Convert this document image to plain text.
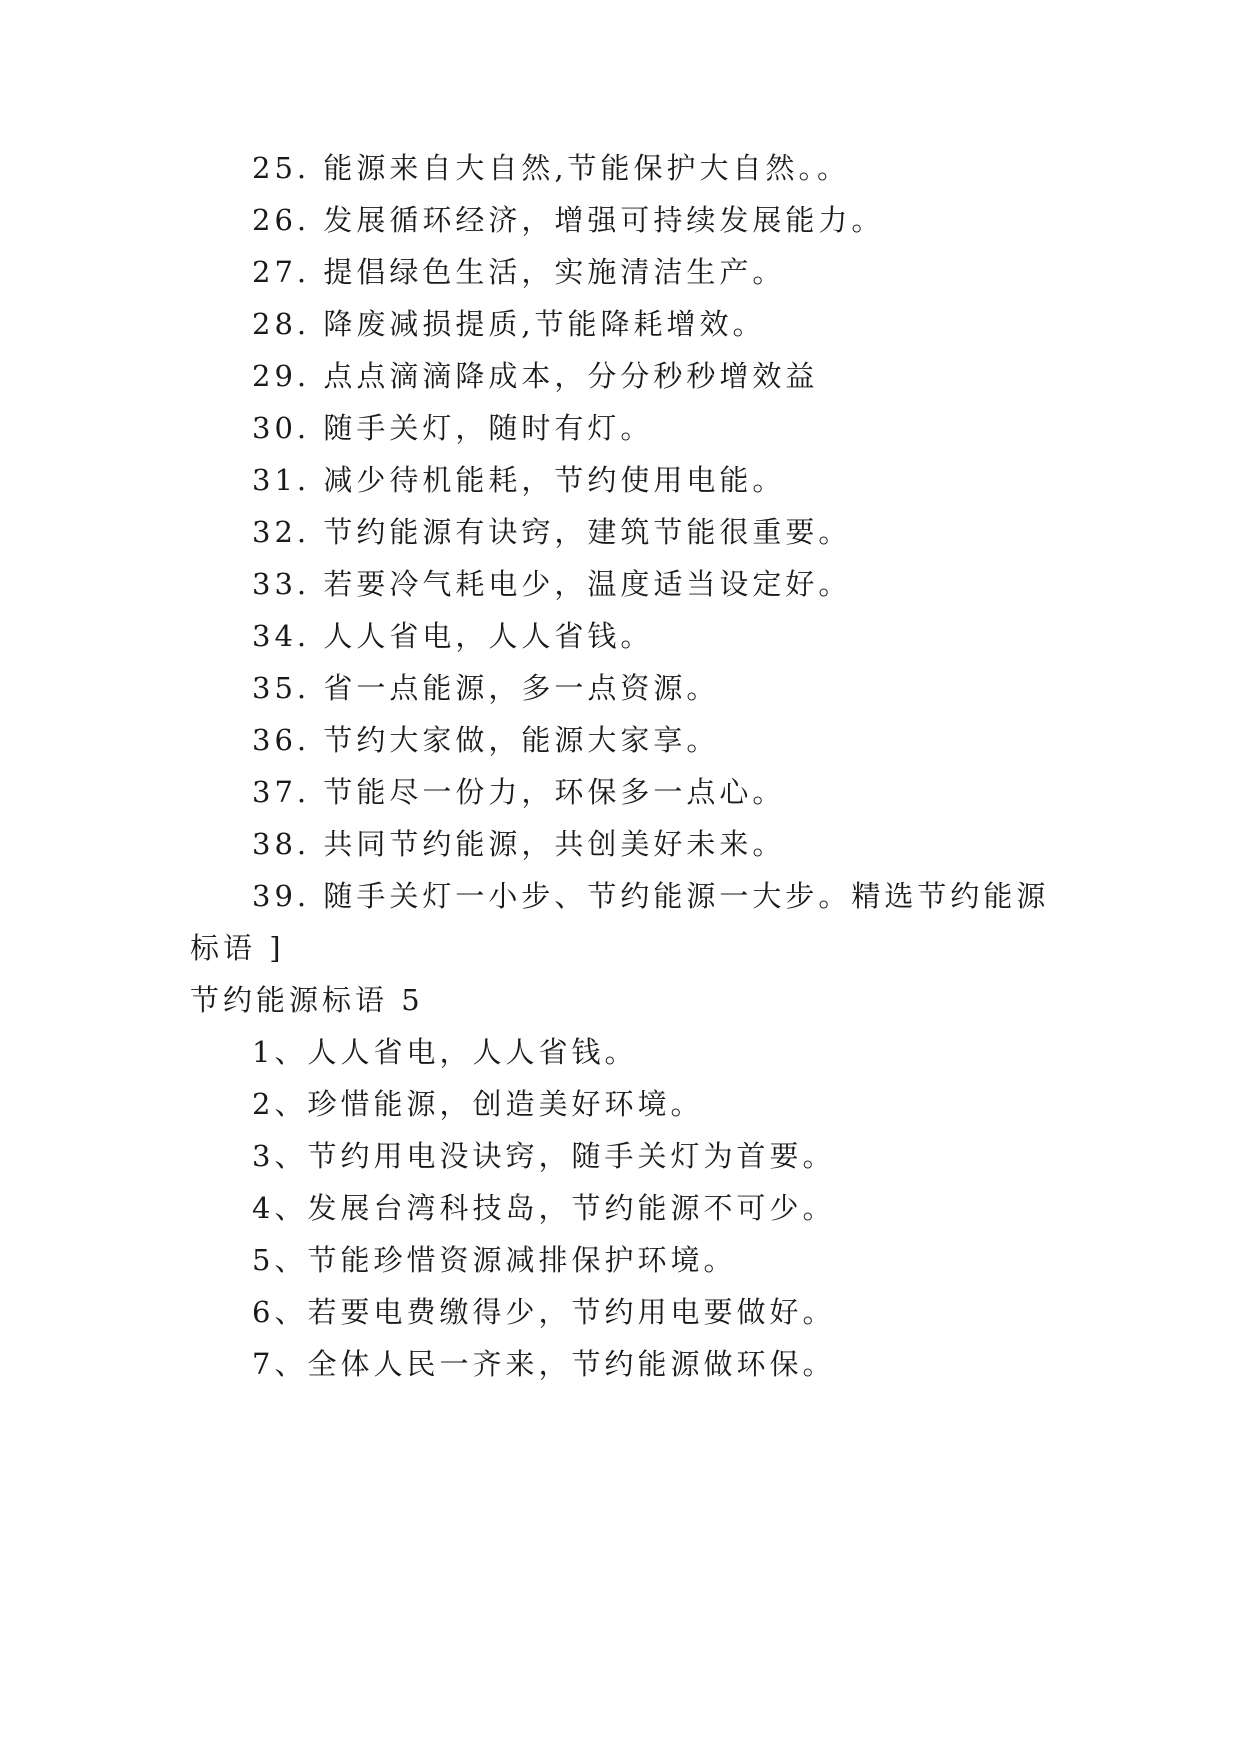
25. 能源来自大自然,节能保护大自然。。
26. 发展循环经济，增强可持续发展能力。
27. 提倡绿色生活，实施清洁生产。
28. 降废减损提质,节能降耗增效。
29. 点点滴滴降成本，分分秒秒增效益
30. 随手关灯，随时有灯。
31. 减少待机能耗，节约使用电能。
32. 节约能源有诀窍，建筑节能很重要。
33. 若要冷气耗电少，温度适当设定好。
34. 人人省电，人人省钱。
35. 省一点能源，多一点资源。
36. 节约大家做，能源大家享。
37. 节能尽一份力，环保多一点心。
38. 共同节约能源，共创美好未来。
39. 随手关灯一小步、节约能源一大步。精选节约能源
标语 ]
节约能源标语 5
1、人人省电，人人省钱。
2、珍惜能源，创造美好环境。
3、节约用电没诀窍，随手关灯为首要。
4、发展台湾科技岛，节约能源不可少。
5、节能珍惜资源减排保护环境。
6、若要电费缴得少，节约用电要做好。
7、全体人民一齐来，节约能源做环保。
